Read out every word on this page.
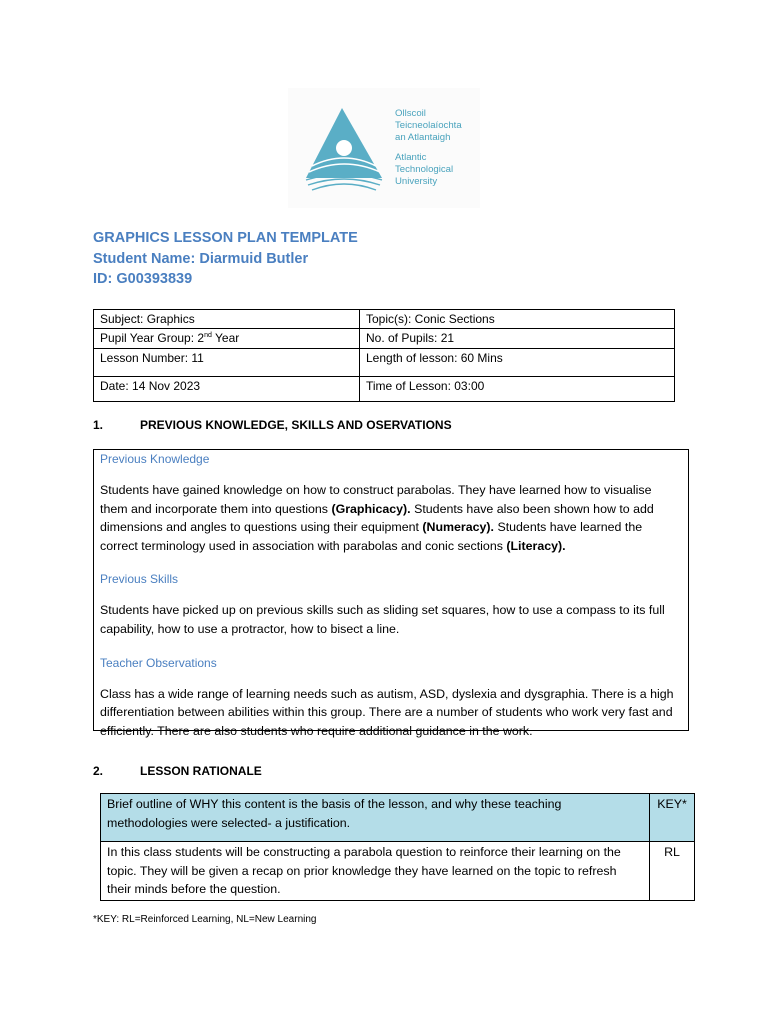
Ollscoil
Teicneolaíochta
an Atlantaigh
Atlantic
Technological
University
GRAPHICS LESSON PLAN TEMPLATE
Student Name: Diarmuid Butler
ID: G00393839
Subject: Graphics	Topic(s): Conic Sections
Pupil Year Group: 2nd Year	No. of Pupils: 21
Lesson Number: 11	Length of lesson: 60 Mins
Date: 14 Nov 2023	Time of Lesson: 03:00
1.	PREVIOUS KNOWLEDGE, SKILLS AND OSERVATIONS
Previous Knowledge

Students have gained knowledge on how to construct parabolas. They have learned how to visualise them and incorporate them into questions (Graphicacy). Students have also been shown how to add dimensions and angles to questions using their equipment (Numeracy). Students have learned the correct terminology used in association with parabolas and conic sections (Literacy).

Previous Skills

Students have picked up on previous skills such as sliding set squares, how to use a compass to its full capability, how to use a protractor, how to bisect a line.

Teacher Observations

Class has a wide range of learning needs such as autism, ASD, dyslexia and dysgraphia. There is a high differentiation between abilities within this group. There are a number of students who work very fast and efficiently. There are also students who require additional guidance in the work.

2.	LESSON RATIONALE
Brief outline of WHY this content is the basis of the lesson, and why these teaching methodologies were selected- a justification.	KEY*
In this class students will be constructing a parabola question to reinforce their learning on the topic. They will be given a recap on prior knowledge they have learned on the topic to refresh their minds before the question.	RL
*KEY: RL=Reinforced Learning, NL=New Learning
